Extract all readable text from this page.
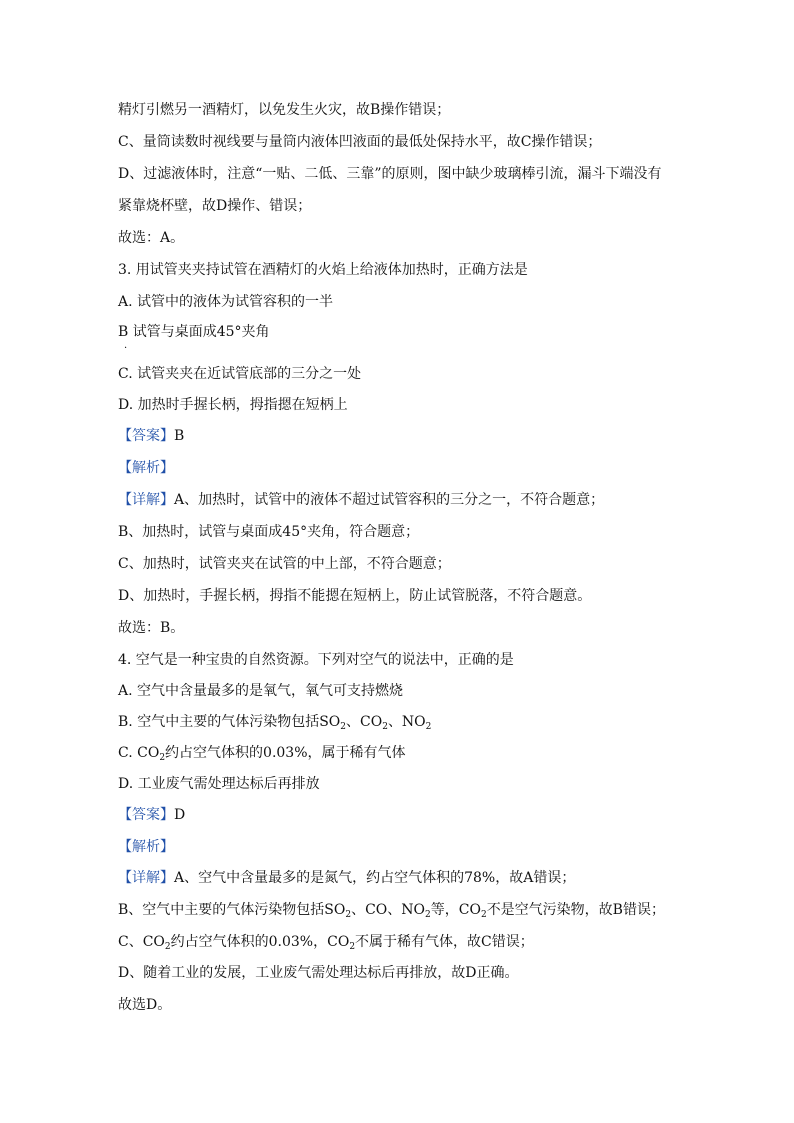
精灯引燃另一酒精灯，以免发生火灾，故B操作错误；
C、量筒读数时视线要与量筒内液体凹液面的最低处保持水平，故C操作错误；
D、过滤液体时，注意“一贴、二低、三靠”的原则，图中缺少玻璃棒引流，漏斗下端没有
紧靠烧杯壁，故D操作、错误；
故选：A。
3. 用试管夹夹持试管在酒精灯的火焰上给液体加热时，正确方法是
A. 试管中的液体为试管容积的一半
B 试管与桌面成45°夹角
·
C. 试管夹夹在近试管底部的三分之一处
D. 加热时手握长柄，拇指摁在短柄上
【答案】B
【解析】
【详解】A、加热时，试管中的液体不超过试管容积的三分之一，不符合题意；
B、加热时，试管与桌面成45°夹角，符合题意；
C、加热时，试管夹夹在试管的中上部，不符合题意；
D、加热时，手握长柄，拇指不能摁在短柄上，防止试管脱落，不符合题意。
故选：B。
4. 空气是一种宝贵的自然资源。下列对空气的说法中，正确的是
A. 空气中含量最多的是氧气，氧气可支持燃烧
B. 空气中主要的气体污染物包括$SO_2$、$CO_2$、$NO_2$
C. $CO_2$约占空气体积的0.03%，属于稀有气体
D. 工业废气需处理达标后再排放
【答案】D
【解析】
【详解】A、空气中含量最多的是氮气，约占空气体积的78%，故A错误；
B、空气中主要的气体污染物包括$SO_2$、CO、$NO_2$等，$CO_2$不是空气污染物，故B错误；
C、$CO_2$约占空气体积的0.03%，$CO_2$不属于稀有气体，故C错误；
D、随着工业的发展，工业废气需处理达标后再排放，故D正确。
故选D。
